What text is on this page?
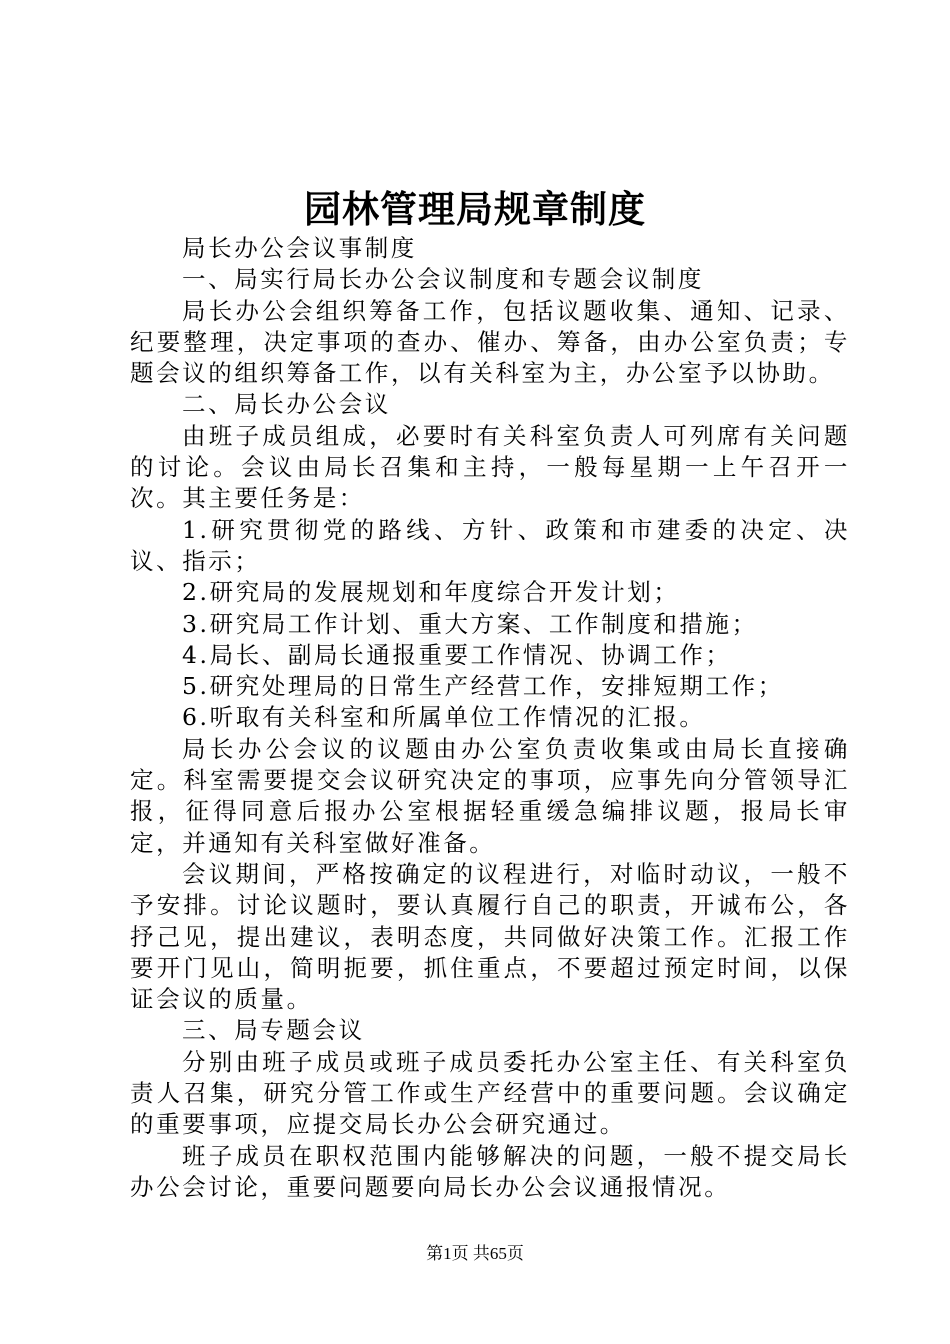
园林管理局规章制度

局长办公会议事制度

一、局实行局长办公会议制度和专题会议制度

局长办公会组织筹备工作，包括议题收集、通知、记录、纪要整理，决定事项的查办、催办、筹备，由办公室负责；专题会议的组织筹备工作，以有关科室为主，办公室予以协助。

二、局长办公会议

由班子成员组成，必要时有关科室负责人可列席有关问题的讨论。会议由局长召集和主持，一般每星期一上午召开一次。其主要任务是：

1.研究贯彻党的路线、方针、政策和市建委的决定、决议、指示；

2.研究局的发展规划和年度综合开发计划；

3.研究局工作计划、重大方案、工作制度和措施；

4.局长、副局长通报重要工作情况、协调工作；

5.研究处理局的日常生产经营工作，安排短期工作；

6.听取有关科室和所属单位工作情况的汇报。

局长办公会议的议题由办公室负责收集或由局长直接确定。科室需要提交会议研究决定的事项，应事先向分管领导汇报，征得同意后报办公室根据轻重缓急编排议题，报局长审定，并通知有关科室做好准备。

会议期间，严格按确定的议程进行，对临时动议，一般不予安排。讨论议题时，要认真履行自己的职责，开诚布公，各抒己见，提出建议，表明态度，共同做好决策工作。汇报工作要开门见山，简明扼要，抓住重点，不要超过预定时间，以保证会议的质量。

三、局专题会议

分别由班子成员或班子成员委托办公室主任、有关科室负责人召集，研究分管工作或生产经营中的重要问题。会议确定的重要事项，应提交局长办公会研究通过。

班子成员在职权范围内能够解决的问题，一般不提交局长办公会讨论，重要问题要向局长办公会议通报情况。

第1页 共65页
